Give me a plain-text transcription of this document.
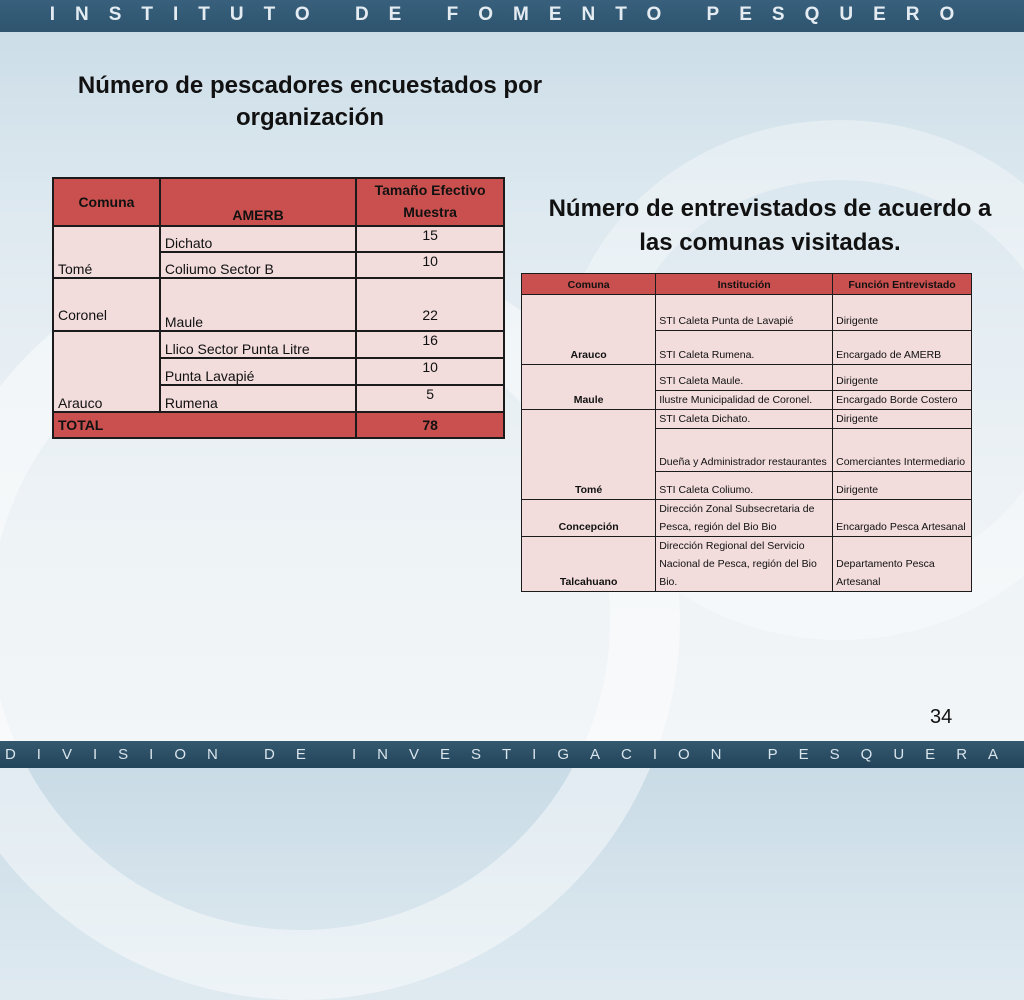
INSTITUTO DE FOMENTO PESQUERO
Número de pescadores encuestados por organización
Comuna	AMERB	Tamaño Efectivo Muestra
Tomé	Dichato	15
	Coliumo Sector B	10
Coronel	Maule	22
Arauco	Llico Sector Punta Litre	16
	Punta Lavapié	10
	Rumena	5
TOTAL		78
Número de entrevistados de acuerdo a las comunas visitadas.
Comuna	Institución	Función Entrevistado
Arauco	STI Caleta Punta de Lavapié	Dirigente
	STI Caleta Rumena.	Encargado de AMERB
Maule	STI Caleta Maule.	Dirigente
	Ilustre Municipalidad de Coronel.	Encargado Borde Costero
Tomé	STI Caleta Dichato.	Dirigente
	Dueña y Administrador restaurantes	Comerciantes Intermediario
	STI Caleta Coliumo.	Dirigente
Concepción	Dirección Zonal Subsecretaria de Pesca, región del Bio Bio	Encargado Pesca Artesanal
Talcahuano	Dirección Regional del Servicio Nacional de Pesca, región del Bio Bio.	Departamento Pesca Artesanal
34
DIVISION DE INVESTIGACION PESQUERA
